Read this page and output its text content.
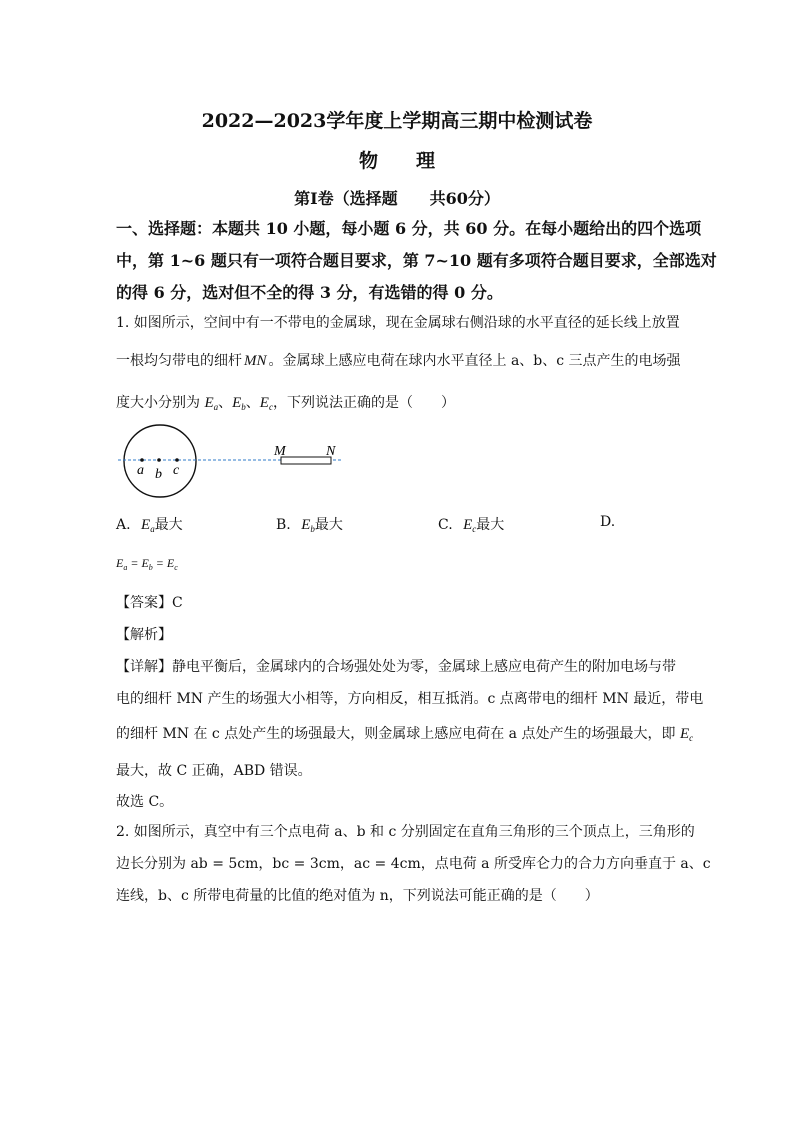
2022—2023学年度上学期高三期中检测试卷
物　　理
第Ⅰ卷（选择题　　共60分）
一、选择题：本题共 10 小题，每小题 6 分，共 60 分。在每小题给出的四个选项
中，第 1~6 题只有一项符合题目要求，第 7~10 题有多项符合题目要求，全部选对
的得 6 分，选对但不全的得 3 分，有选错的得 0 分。
1. 如图所示，空间中有一不带电的金属球，现在金属球右侧沿球的水平直径的延长线上放置
一根均匀带电的细杆 MN 。金属球上感应电荷在球内水平直径上 a、b、c 三点产生的电场强
度大小分别为 $E_a$、$E_b$、$E_c$，下列说法正确的是（　　）
a b c
M	N
A. $E_a$最大	B. $E_b$最大	C. $E_c$最大	D.
$E_a = E_b = E_c$
【答案】C
【解析】
【详解】静电平衡后，金属球内的合场强处处为零，金属球上感应电荷产生的附加电场与带
电的细杆 MN 产生的场强大小相等，方向相反，相互抵消。c 点离带电的细杆 MN 最近，带电
的细杆 MN 在 c 点处产生的场强最大，则金属球上感应电荷在 a 点处产生的场强最大，即 $E_c$
最大，故 C 正确，ABD 错误。
故选 C。
2. 如图所示，真空中有三个点电荷 a、b 和 c 分别固定在直角三角形的三个顶点上，三角形的
边长分别为 ab = 5cm，bc = 3cm，ac = 4cm，点电荷 a 所受库仑力的合力方向垂直于 a、c
连线，b、c 所带电荷量的比值的绝对值为 n，下列说法可能正确的是（　　）
